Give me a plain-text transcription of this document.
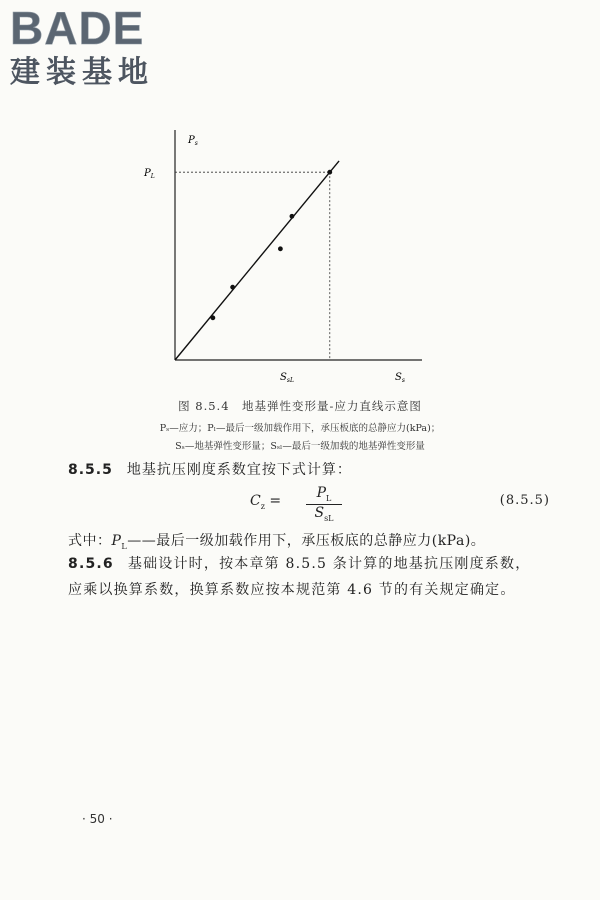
BADE
建装基地
$P_s$
$P_L$
$S_{sL}$	$S_s$
图 8.5.4　地基弹性变形量-应力直线示意图
Pₛ—应力；Pₗ—最后一级加载作用下，承压板底的总静应力(kPa)；
Sₛ—地基弹性变形量；Sₛₗ—最后一级加载的地基弹性变形量
8.5.5 地基抗压刚度系数宜按下式计算：
$C_z$ =	$P_L$
$S_{sL}$
(8.5.5)
式中：$P_L——$最后一级加载作用下，承压板底的总静应力(kPa)。
8.5.6 基础设计时，按本章第 8.5.5 条计算的地基抗压刚度系数，应乘以换算系数，换算系数应按本规范第 4.6 节的有关规定确定。
· 50 ·
